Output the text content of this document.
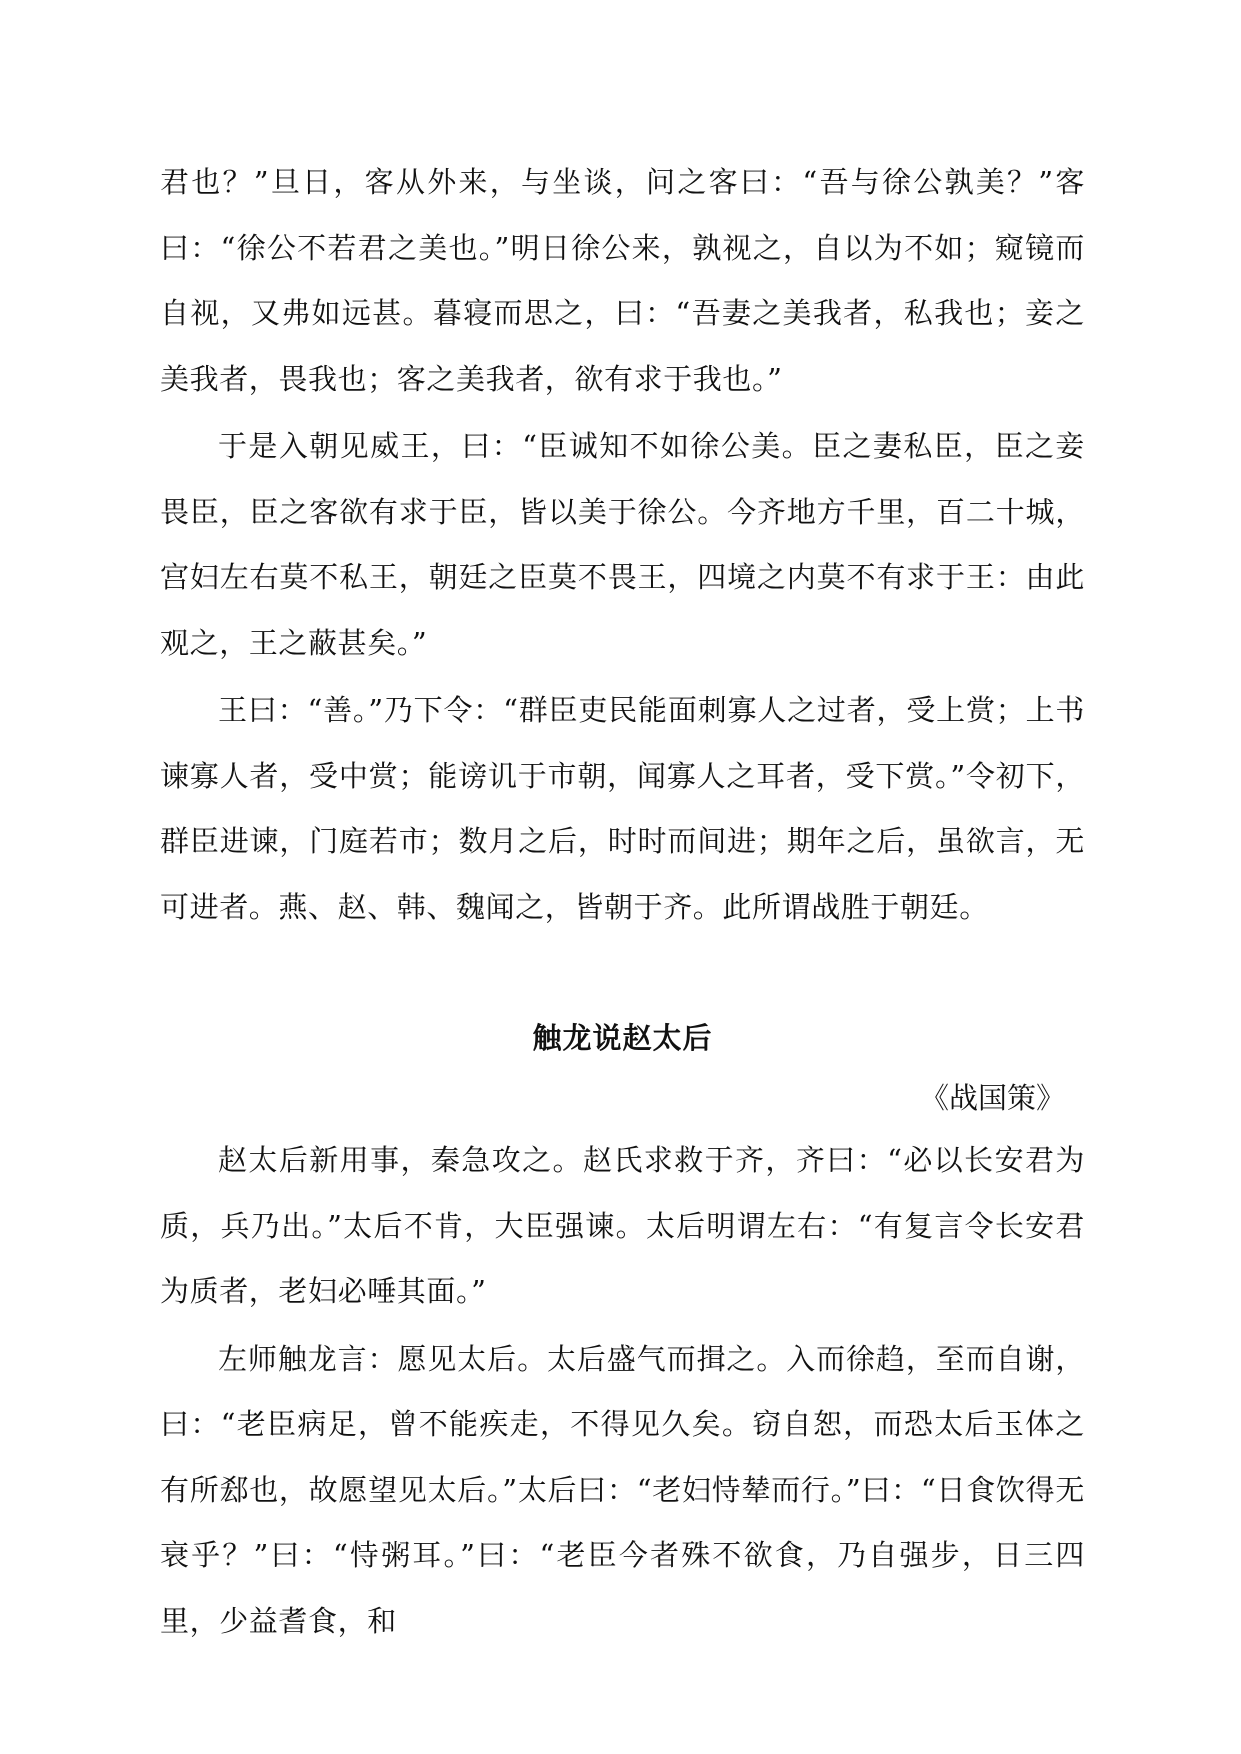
君也？”旦日，客从外来，与坐谈，问之客曰：“吾与徐公孰美？”客曰：“徐公不若君之美也。”明日徐公来，孰视之，自以为不如；窥镜而自视，又弗如远甚。暮寝而思之，曰：“吾妻之美我者，私我也；妾之美我者，畏我也；客之美我者，欲有求于我也。”

于是入朝见威王，曰：“臣诚知不如徐公美。臣之妻私臣，臣之妾畏臣，臣之客欲有求于臣，皆以美于徐公。今齐地方千里，百二十城，宫妇左右莫不私王，朝廷之臣莫不畏王，四境之内莫不有求于王：由此观之，王之蔽甚矣。”

王曰：“善。”乃下令：“群臣吏民能面刺寡人之过者，受上赏；上书谏寡人者，受中赏；能谤讥于市朝，闻寡人之耳者，受下赏。”令初下，群臣进谏，门庭若市；数月之后，时时而间进；期年之后，虽欲言，无可进者。燕、赵、韩、魏闻之，皆朝于齐。此所谓战胜于朝廷。

触龙说赵太后

《战国策》

赵太后新用事，秦急攻之。赵氏求救于齐，齐曰：“必以长安君为质，兵乃出。”太后不肯，大臣强谏。太后明谓左右：“有复言令长安君为质者，老妇必唾其面。”

左师触龙言：愿见太后。太后盛气而揖之。入而徐趋，至而自谢，曰：“老臣病足，曾不能疾走，不得见久矣。窃自恕，而恐太后玉体之有所郄也，故愿望见太后。”太后曰：“老妇恃辇而行。”曰：“日食饮得无衰乎？”曰：“恃粥耳。”曰：“老臣今者殊不欲食，乃自强步，日三四里，少益耆食，和
